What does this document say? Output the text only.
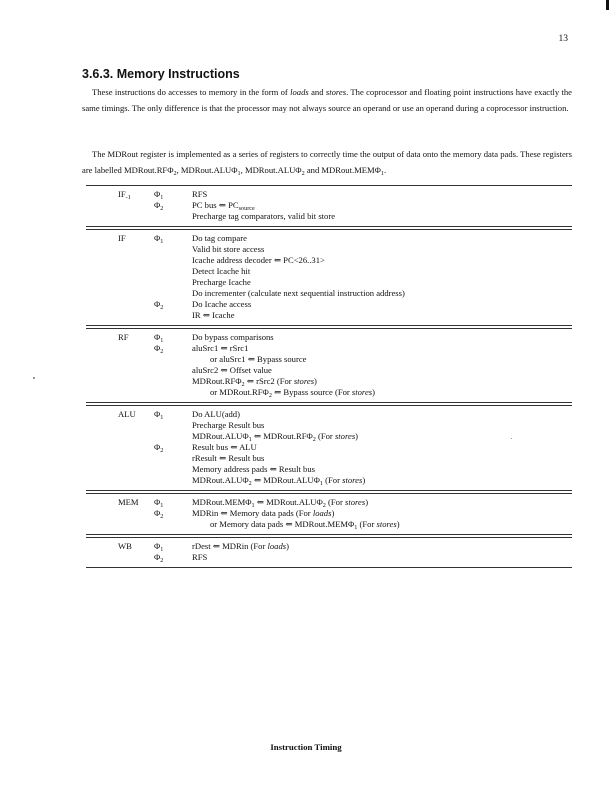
13
3.6.3. Memory Instructions
These instructions do accesses to memory in the form of loads and stores. The coprocessor and floating point instructions have exactly the same timings. The only difference is that the processor may not always source an operand or use an operand during a coprocessor instruction.
The MDRout register is implemented as a series of registers to correctly time the output of data onto the memory data pads. These registers are labelled $MDRout.RF\Phi_2$, $MDRout.ALU\Phi_1$, $MDRout.ALU\Phi_2$ and $MDRout.MEM\Phi_1$.
$IF_{-1}$	$\Phi_1$	RFS
$\Phi_2$	PC bus ⇐ $PC_{source}$
Precharge tag comparators, valid bit store
IF	$\Phi_1$	Do tag compare
Valid bit store access
Icache address decoder ⇐ PC<26..31>
Detect Icache hit
Precharge Icache
Do incrementer (calculate next sequential instruction address)
$\Phi_2$	Do Icache access
IR ⇐ Icache
RF	$\Phi_1$	Do bypass comparisons
$\Phi_2$	aluSrc1 ⇐ rSrc1
or aluSrc1 ⇐ Bypass source
aluSrc2 ⇐ Offset value
$MDRout.RF\Phi_2$ ⇐ rSrc2 (For stores)
or $MDRout.RF\Phi_2$ ⇐ Bypass source (For stores)
ALU $\Phi_1$	Do ALU(add)
Precharge Result bus
$MDRout.ALU\Phi_1$ ⇐ $MDRout.RF\Phi_2$ (For stores)
$\Phi_2$	Result bus ⇐ ALU
rResult ⇐ Result bus
Memory address pads ⇐ Result bus
$MDRout.ALU\Phi_2$ ⇐ $MDRout.ALU\Phi_1$ (For stores)
MEM $\Phi_1$	$MDRout.MEM\Phi_1$ ⇐ $MDRout.ALU\Phi_2$ (For stores)
$\Phi_2$	MDRin ⇐ Memory data pads (For loads)
or Memory data pads ⇐ $MDRout.MEM\Phi_1$ (For stores)
WB	$\Phi_1$	rDest ⇐ MDRin (For loads)
$\Phi_2$	RFS
Instruction Timing
